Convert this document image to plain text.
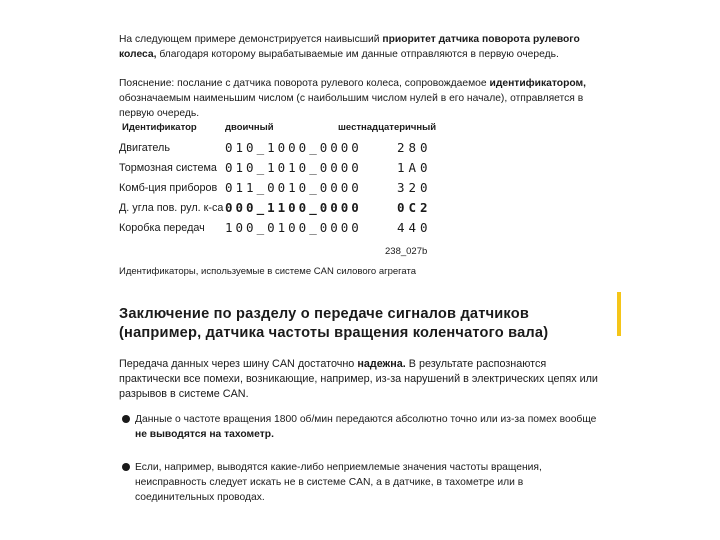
На следующем примере демонстрируется наивысший приоритет датчика поворота рулевого колеса, благодаря которому вырабатываемые им данные отправляются в первую очередь.
Пояснение: послание с датчика поворота рулевого колеса, сопровождаемое идентификатором, обозначаемым наименьшим числом (с наибольшим числом нулей в его начале), отправляется в первую очередь.
Идентификатор	двоичный	шестнадцатеричный
Двигатель	010_1000_0000	280
Тормозная система 010_1010_0000	1A0
Комб-ция приборов 011_0010_0000	320
Д. угла пов. рул. к-са 000_1100_0000	0C2
Коробка передач 100_0100_0000	440
238_027b
Идентификаторы, используемые в системе CAN силового агрегата
Заключение по разделу о передаче сигналов датчиков (например, датчика частоты вращения коленчатого вала)
Передача данных через шину CAN достаточно надежна. В результате распознаются практически все помехи, возникающие, например, из-за нарушений в электрических цепях или разрывов в системе CAN.
Данные о частоте вращения 1800 об/мин передаются абсолютно точно или из-за помех вообще не выводятся на тахометр.
Если, например, выводятся какие-либо неприемлемые значения частоты вращения, неисправность следует искать не в системе CAN, а в датчике, в тахометре или в соединительных проводах.
